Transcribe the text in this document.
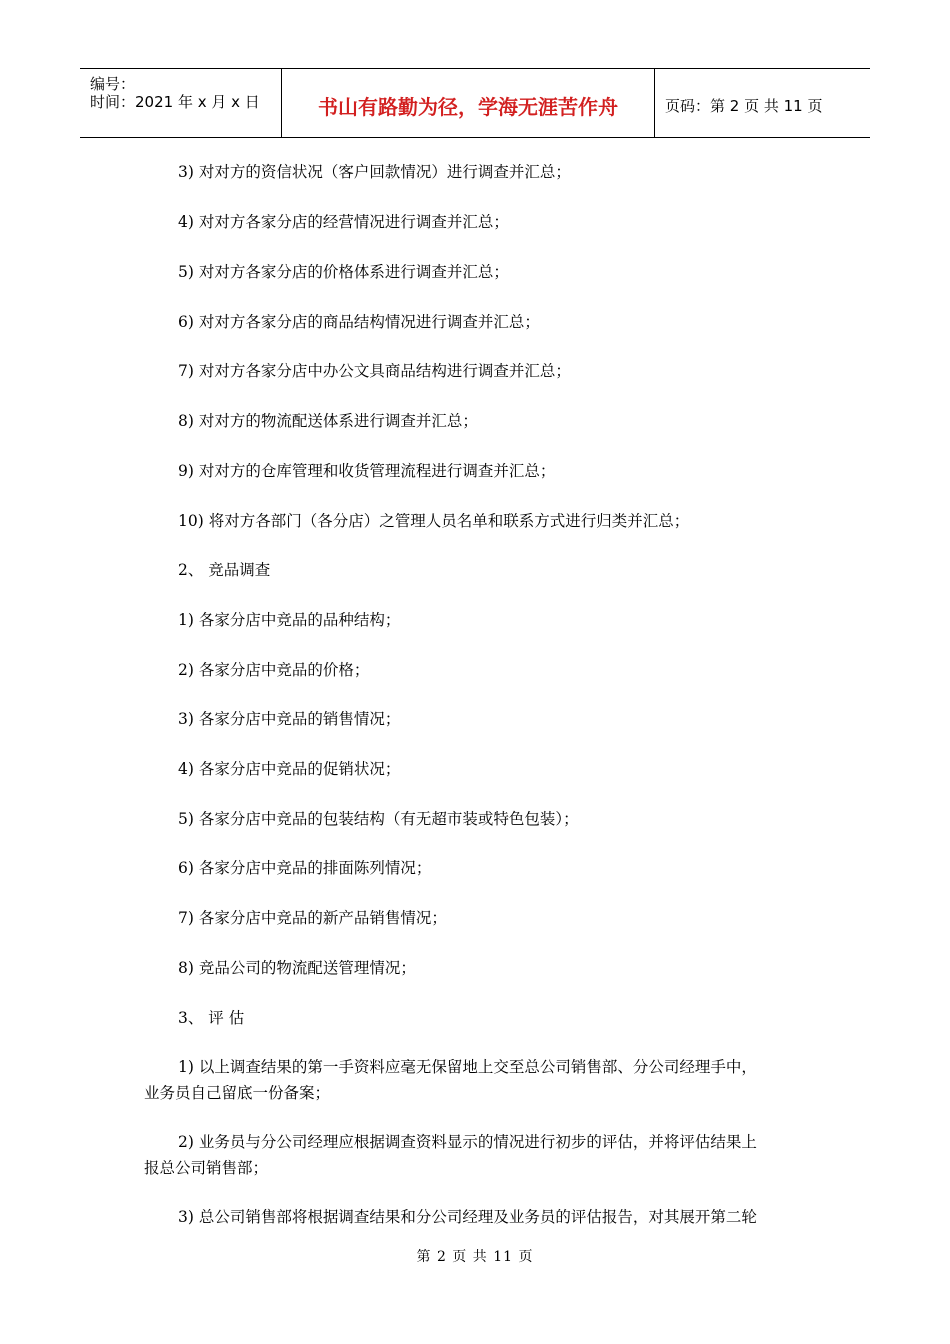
编号：
时间：2021 年 x 月 x 日	书山有路勤为径，学海无涯苦作舟	页码：第 2 页 共 11 页
3) 对对方的资信状况（客户回款情况）进行调查并汇总；
4) 对对方各家分店的经营情况进行调查并汇总；
5) 对对方各家分店的价格体系进行调查并汇总；
6) 对对方各家分店的商品结构情况进行调查并汇总；
7) 对对方各家分店中办公文具商品结构进行调查并汇总；
8) 对对方的物流配送体系进行调查并汇总；
9) 对对方的仓库管理和收货管理流程进行调查并汇总；
10) 将对方各部门（各分店）之管理人员名单和联系方式进行归类并汇总；
2、 竞品调查
1) 各家分店中竞品的品种结构；
2) 各家分店中竞品的价格；
3) 各家分店中竞品的销售情况；
4) 各家分店中竞品的促销状况；
5) 各家分店中竞品的包装结构（有无超市装或特色包装）；
6) 各家分店中竞品的排面陈列情况；
7) 各家分店中竞品的新产品销售情况；
8) 竞品公司的物流配送管理情况；
3、 评 估
1) 以上调查结果的第一手资料应毫无保留地上交至总公司销售部、分公司经理手中，
业务员自己留底一份备案；
2) 业务员与分公司经理应根据调查资料显示的情况进行初步的评估，并将评估结果上
报总公司销售部；
3) 总公司销售部将根据调查结果和分公司经理及业务员的评估报告，对其展开第二轮
第 2 页 共 11 页
